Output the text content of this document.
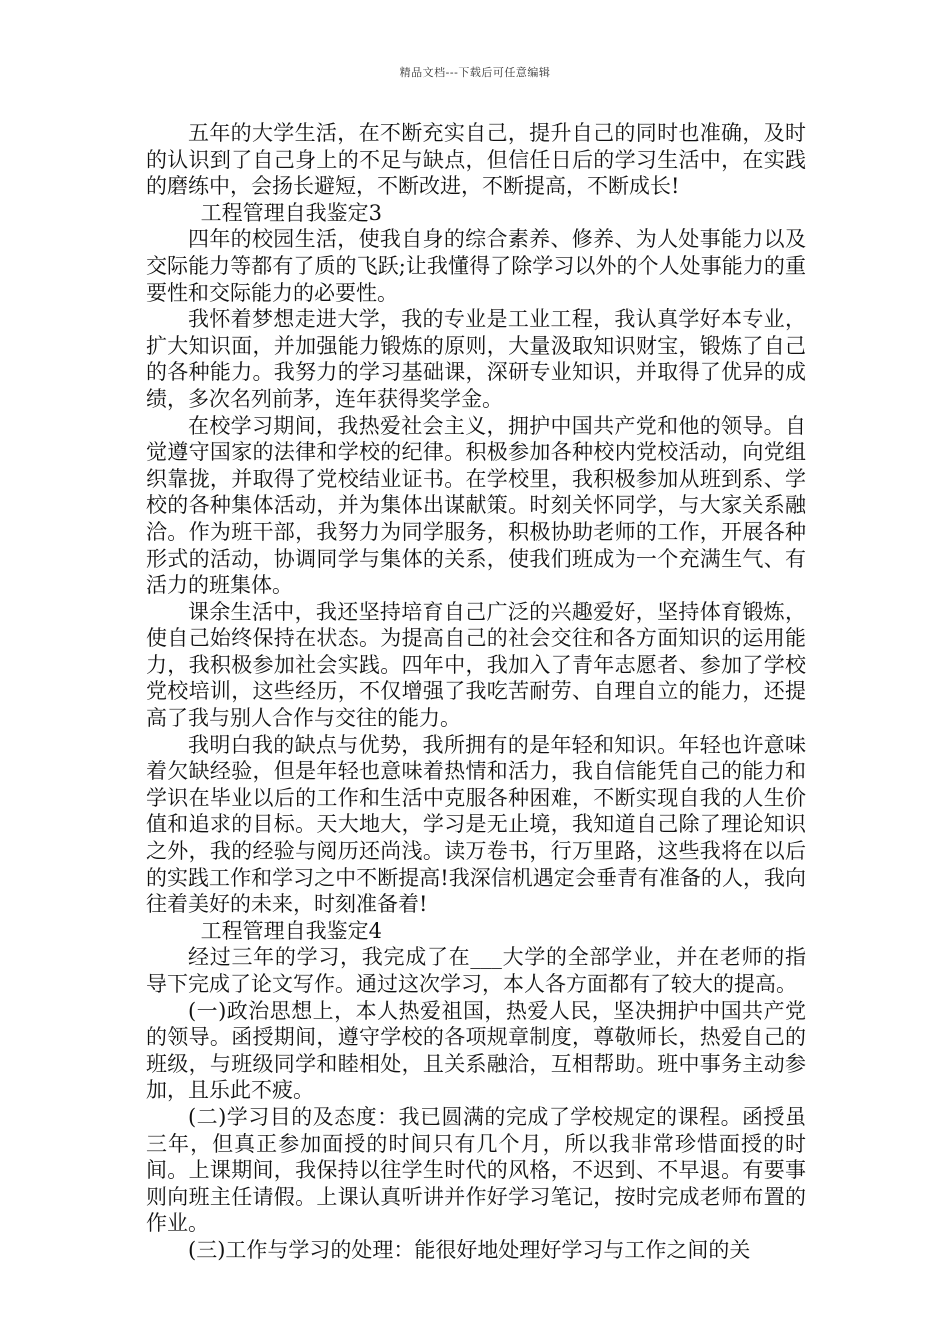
精品文档---下载后可任意编辑

五年的大学生活，在不断充实自己，提升自己的同时也准确，及时的认识到了自己身上的不足与缺点，但信任日后的学习生活中，在实践的磨练中，会扬长避短，不断改进，不断提高，不断成长!

工程管理自我鉴定3

四年的校园生活，使我自身的综合素养、修养、为人处事能力以及交际能力等都有了质的飞跃;让我懂得了除学习以外的个人处事能力的重要性和交际能力的必要性。

我怀着梦想走进大学，我的专业是工业工程，我认真学好本专业，扩大知识面，并加强能力锻炼的原则，大量汲取知识财宝，锻炼了自己的各种能力。我努力的学习基础课，深研专业知识，并取得了优异的成绩，多次名列前茅，连年获得奖学金。

在校学习期间，我热爱社会主义，拥护中国共产党和他的领导。自觉遵守国家的法律和学校的纪律。积极参加各种校内党校活动，向党组织靠拢，并取得了党校结业证书。在学校里，我积极参加从班到系、学校的各种集体活动，并为集体出谋献策。时刻关怀同学，与大家关系融洽。作为班干部，我努力为同学服务，积极协助老师的工作，开展各种形式的活动，协调同学与集体的关系，使我们班成为一个充满生气、有活力的班集体。

课余生活中，我还坚持培育自己广泛的兴趣爱好，坚持体育锻炼，使自己始终保持在状态。为提高自己的社会交往和各方面知识的运用能力，我积极参加社会实践。四年中，我加入了青年志愿者、参加了学校党校培训，这些经历，不仅增强了我吃苦耐劳、自理自立的能力，还提高了我与别人合作与交往的能力。

我明白我的缺点与优势，我所拥有的是年轻和知识。年轻也许意味着欠缺经验，但是年轻也意味着热情和活力，我自信能凭自己的能力和学识在毕业以后的工作和生活中克服各种困难，不断实现自我的人生价值和追求的目标。天大地大，学习是无止境，我知道自己除了理论知识之外，我的经验与阅历还尚浅。读万卷书，行万里路，这些我将在以后的实践工作和学习之中不断提高!我深信机遇定会垂青有准备的人，我向往着美好的未来，时刻准备着!

工程管理自我鉴定4

经过三年的学习，我完成了在___大学的全部学业，并在老师的指导下完成了论文写作。通过这次学习，本人各方面都有了较大的提高。

(一)政治思想上，本人热爱祖国，热爱人民，坚决拥护中国共产党的领导。函授期间，遵守学校的各项规章制度，尊敬师长，热爱自己的班级，与班级同学和睦相处，且关系融洽，互相帮助。班中事务主动参加，且乐此不疲。

(二)学习目的及态度：我已圆满的完成了学校规定的课程。函授虽三年，但真正参加面授的时间只有几个月，所以我非常珍惜面授的时间。上课期间，我保持以往学生时代的风格，不迟到、不早退。有要事则向班主任请假。上课认真听讲并作好学习笔记，按时完成老师布置的作业。

(三)工作与学习的处理：能很好地处理好学习与工作之间的关
